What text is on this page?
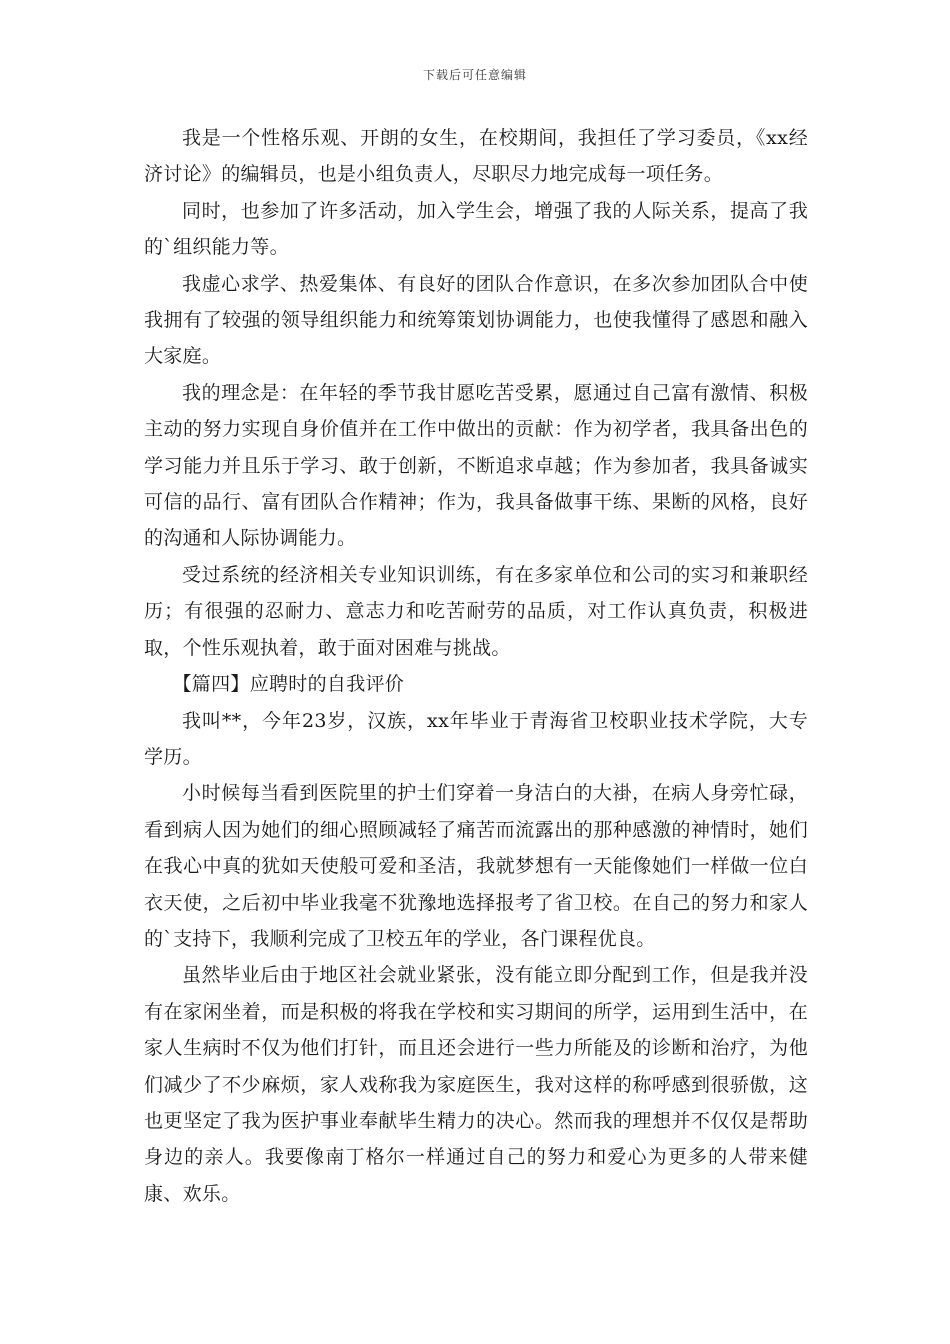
下载后可任意编辑

我是一个性格乐观、开朗的女生，在校期间，我担任了学习委员，《xx经济讨论》的编辑员，也是小组负责人，尽职尽力地完成每一项任务。

同时，也参加了许多活动，加入学生会，增强了我的人际关系，提高了我的`组织能力等。

我虚心求学、热爱集体、有良好的团队合作意识，在多次参加团队合中使我拥有了较强的领导组织能力和统筹策划协调能力，也使我懂得了感恩和融入大家庭。

我的理念是：在年轻的季节我甘愿吃苦受累，愿通过自己富有激情、积极主动的努力实现自身价值并在工作中做出的贡献：作为初学者，我具备出色的学习能力并且乐于学习、敢于创新，不断追求卓越；作为参加者，我具备诚实可信的品行、富有团队合作精神；作为，我具备做事干练、果断的风格，良好的沟通和人际协调能力。

受过系统的经济相关专业知识训练，有在多家单位和公司的实习和兼职经历；有很强的忍耐力、意志力和吃苦耐劳的品质，对工作认真负责，积极进取，个性乐观执着，敢于面对困难与挑战。

【篇四】应聘时的自我评价

我叫**，今年23岁，汉族，xx年毕业于青海省卫校职业技术学院，大专学历。

小时候每当看到医院里的护士们穿着一身洁白的大褂，在病人身旁忙碌，看到病人因为她们的细心照顾减轻了痛苦而流露出的那种感激的神情时，她们在我心中真的犹如天使般可爱和圣洁，我就梦想有一天能像她们一样做一位白衣天使，之后初中毕业我毫不犹豫地选择报考了省卫校。在自己的努力和家人的`支持下，我顺利完成了卫校五年的学业，各门课程优良。

虽然毕业后由于地区社会就业紧张，没有能立即分配到工作，但是我并没有在家闲坐着，而是积极的将我在学校和实习期间的所学，运用到生活中，在家人生病时不仅为他们打针，而且还会进行一些力所能及的诊断和治疗，为他们减少了不少麻烦，家人戏称我为家庭医生，我对这样的称呼感到很骄傲，这也更坚定了我为医护事业奉献毕生精力的决心。然而我的理想并不仅仅是帮助身边的亲人。我要像南丁格尔一样通过自己的努力和爱心为更多的人带来健康、欢乐。
